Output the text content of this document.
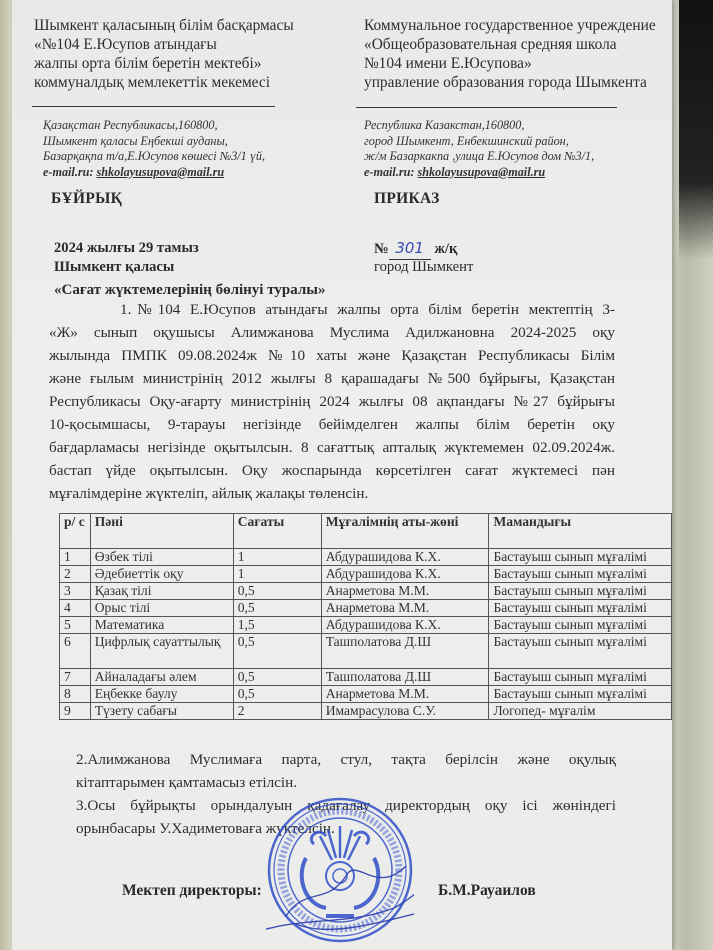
Шымкент қаласының білім басқармасы
«№104 Е.Юсупов атындағы
жалпы орта білім беретін мектебі»
коммуналдық мемлекеттік мекемесі
Коммунальное государственное учреждение
«Общеобразовательная средняя школа
№104 имени Е.Юсупова»
управление образования города Шымкента
Қазақстан Республикасы,160800,
Шымкент қаласы Еңбекші ауданы,
Базарқақпа т/а,Е.Юсупов көшесі №3/1 үй,
e-mail.ru: shkolayusupova@mail.ru
Республика Казакстан,160800,
город Шымкент, Енбекшинский район,
ж/м Базаркакпа ,улица Е.Юсупов дом №3/1,
e-mail.ru: shkolayusupova@mail.ru
БҰЙРЫҚ	ПРИКАЗ
2024 жылғы 29 тамыз
Шымкент қаласы
№ 301 ж/қ
город Шымкент
«Сағат жүктемелерінің бөлінуі туралы»
1.№104 Е.Юсупов атындағы жалпы орта білім беретін мектептің 3-
«Ж» сынып оқушысы Алимжанова Муслима Адилжановна 2024-2025 оқу
жылында ПМПК 09.08.2024ж №10 хаты және Қазақстан Республикасы Білім
және ғылым министрінің 2012 жылғы 8 қарашадағы №500 бұйрығы, Қазақстан
Республикасы Оқу-ағарту министрінің 2024 жылғы 08 ақпандағы №27 бұйрығы
10-қосымшасы, 9-тарауы негізінде бейімделген жалпы білім беретін оқу
бағдарламасы негізінде оқытылсын. 8 сағаттық апталық жүктемемен 02.09.2024ж.
бастап үйде оқытылсын. Оқу жоспарында көрсетілген сағат жүктемесі пән
мұғалімдеріне жүктеліп, айлық жалақы төленсін.
р/ с	Пәні	Сағаты	Мұғалімнің аты-жөні	Мамандығы
1	Өзбек тілі	1	Абдурашидова К.Х.	Бастауыш сынып мұғалімі
2	Әдебиеттік оқу	1	Абдурашидова К.Х.	Бастауыш сынып мұғалімі
3	Қазақ тілі	0,5	Анарметова М.М.	Бастауыш сынып мұғалімі
4	Орыс тілі	0,5	Анарметова М.М.	Бастауыш сынып мұғалімі
5	Математика	1,5	Абдурашидова К.Х.	Бастауыш сынып мұғалімі
6	Цифрлық сауаттылық	0,5	Ташполатова Д.Ш	Бастауыш сынып мұғалімі
7	Айналадағы әлем	0,5	Ташполатова Д.Ш	Бастауыш сынып мұғалімі
8	Еңбекке баулу	0,5	Анарметова М.М.	Бастауыш сынып мұғалімі
9	Түзету сабағы	2	Имамрасулова С.У.	Логопед- мұғалім
2.Алимжанова Муслимаға парта, стул, тақта берілсін және оқулық
кітаптарымен қамтамасыз етілсін.
3.Осы бұйрықты орындалуын қадағалау директордың оқу ісі жөніндегі
орынбасары У.Хадиметоваға жүктелсін.
Мектеп директоры:	Б.М.Рауаилов
